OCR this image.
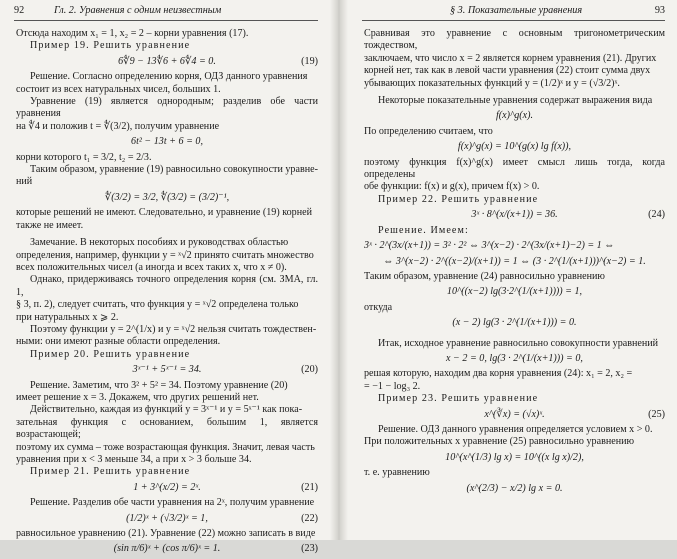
92	Гл. 2. Уравнения с одним неизвестным

Отсюда находим x₁ = 1, x₂ = 2 – корни уравнения (17).

Пример 19. Решить уравнение

6∜9 − 13∜6 + 6∜4 = 0.	(19)

Решение. Согласно определению корня, ОДЗ данного уравнения

состоит из всех натуральных чисел, больших 1.

Уравнение (19) является однородным; разделив обе части уравнения

на ∜4 и положив t = ∜(3/2), получим уравнение

6t² − 13t + 6 = 0,

корни которого t₁ = 3/2, t₂ = 2/3.

Таким образом, уравнение (19) равносильно совокупности уравне-

ний

∜(3/2) = 3/2, ∜(3/2) = (3/2)⁻¹,

которые решений не имеют. Следовательно, и уравнение (19) корней

также не имеет.

Замечание. В некоторых пособиях и руководствах областью

определения, например, функции y = ˣ√2 принято считать множество

всех положительных чисел (а иногда и всех таких x, что x ≠ 0).

Однако, придерживаясь точного определения корня (см. ЗМА, гл. 1,

§ 3, п. 2), следует считать, что функция y = ˣ√2 определена только

при натуральных x ⩾ 2.

Поэтому функции y = 2^(1/x) и y = ˣ√2 нельзя считать тождествен-

ными: они имеют разные области определения.

Пример 20. Решить уравнение

3ˣ⁻¹ + 5ˣ⁻¹ = 34.	(20)

Решение. Заметим, что 3² + 5² = 34. Поэтому уравнение (20)

имеет решение x = 3. Докажем, что других решений нет.

Действительно, каждая из функций y = 3ˣ⁻¹ и y = 5ˣ⁻¹ как пока-

зательная функция с основанием, большим 1, является возрастающей;

поэтому их сумма – тоже возрастающая функция. Значит, левая часть

уравнения при x < 3 меньше 34, а при x > 3 больше 34.

Пример 21. Решить уравнение

1 + 3^(x/2) = 2ˣ.	(21)

Решение. Разделив обе части уравнения на 2ˣ, получим уравнение

(1/2)ˣ + (√3/2)ˣ = 1,	(22)

равносильное уравнению (21). Уравнение (22) можно записать в виде

(sin π/6)ˣ + (cos π/6)ˣ = 1.	(23)
§ 3. Показательные уравнения	93

Сравнивая это уравнение с основным тригонометрическим тождеством,

заключаем, что число x = 2 является корнем уравнения (21). Других

корней нет, так как в левой части уравнения (22) стоит сумма двух

убывающих показательных функций y = (1/2)ˣ и y = (√3/2)ˣ.

Некоторые показательные уравнения содержат выражения вида

f(x)^g(x).

По определению считаем, что

f(x)^g(x) = 10^(g(x) lg f(x)),

поэтому функция f(x)^g(x) имеет смысл лишь тогда, когда определены

обе функции: f(x) и g(x), причем f(x) > 0.

Пример 22. Решить уравнение

3ˣ · 8^(x/(x+1)) = 36.	(24)

Решение. Имеем:

3ˣ · 2^(3x/(x+1)) = 3² · 2² ⇔ 3^(x−2) · 2^(3x/(x+1)−2) = 1 ⇔
⇔ 3^(x−2) · 2^((x−2)/(x+1)) = 1 ⇔ (3 · 2^(1/(x+1)))^(x−2) = 1.

Таким образом, уравнение (24) равносильно уравнению

10^((x−2) lg(3·2^(1/(x+1)))) = 1,

откуда

(x − 2) lg(3 · 2^(1/(x+1))) = 0.

Итак, исходное уравнение равносильно совокупности уравнений

x − 2 = 0, lg(3 · 2^(1/(x+1))) = 0,

решая которую, находим два корня уравнения (24): x₁ = 2, x₂ =

= −1 − log₃ 2.

Пример 23. Решить уравнение

x^(∛x) = (√x)ˣ.	(25)

Решение. ОДЗ данного уравнения определяется условием x > 0.

При положительных x уравнение (25) равносильно уравнению

10^(x^(1/3) lg x) = 10^((x lg x)/2),

т. е. уравнению

(x^(2/3) − x/2) lg x = 0.
